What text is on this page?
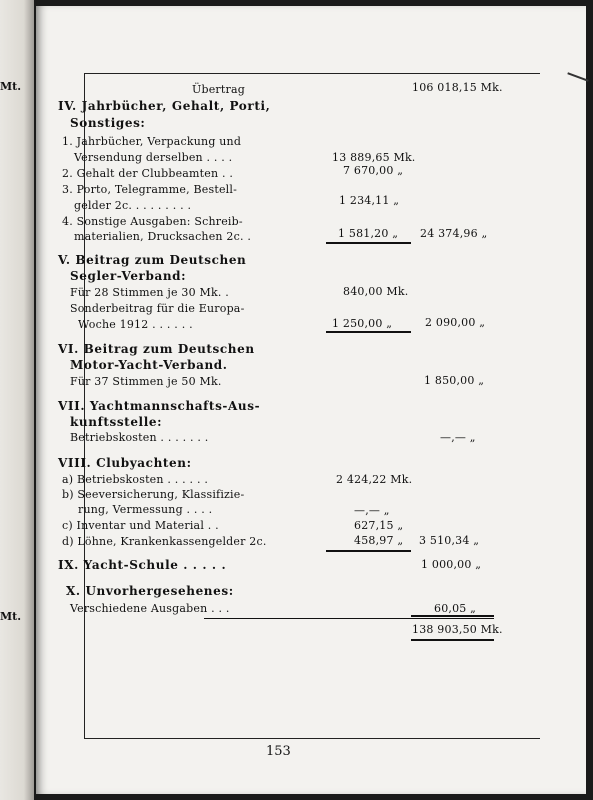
Mt.
Mt.
Übertrag	106 018,15 Mk.
IV. Jahrbücher, Gehalt, Porti,
Sonstiges:
1. Jahrbücher, Verpackung und
Versendung derselben . . . .	13 889,65 Mk.
2. Gehalt der Clubbeamten . .	7 670,00 „
3. Porto, Telegramme, Bestell-
gelder 2c. . . . . . . . .	1 234,11 „
4. Sonstige Ausgaben: Schreib-
materialien, Drucksachen 2c. .	1 581,20 „ 24 374,96 „
V. Beitrag zum Deutschen
Segler-Verband:
Für 28 Stimmen je 30 Mk. .	840,00 Mk.
Sonderbeitrag für die Europa-
Woche 1912 . . . . . .	1 250,00 „	2 090,00 „
VI. Beitrag zum Deutschen
Motor-Yacht-Verband.
Für 37 Stimmen je 50 Mk.	1 850,00 „
VII. Yachtmannschafts-Aus-
kunftsstelle:
Betriebskosten . . . . . . .	—,— „
VIII. Clubyachten:
a) Betriebskosten . . . . . .	2 424,22 Mk.
b) Seeversicherung, Klassifizie-
rung, Vermessung . . . .	—,— „
c) Inventar und Material . .	627,15 „
d) Löhne, Krankenkassengelder 2c.	458,97 „ 3 510,34 „
IX. Yacht-Schule . . . . .	1 000,00 „
X. Unvorhergesehenes:
Verschiedene Ausgaben . . .	60,05 „
138 903,50 Mk.
153
